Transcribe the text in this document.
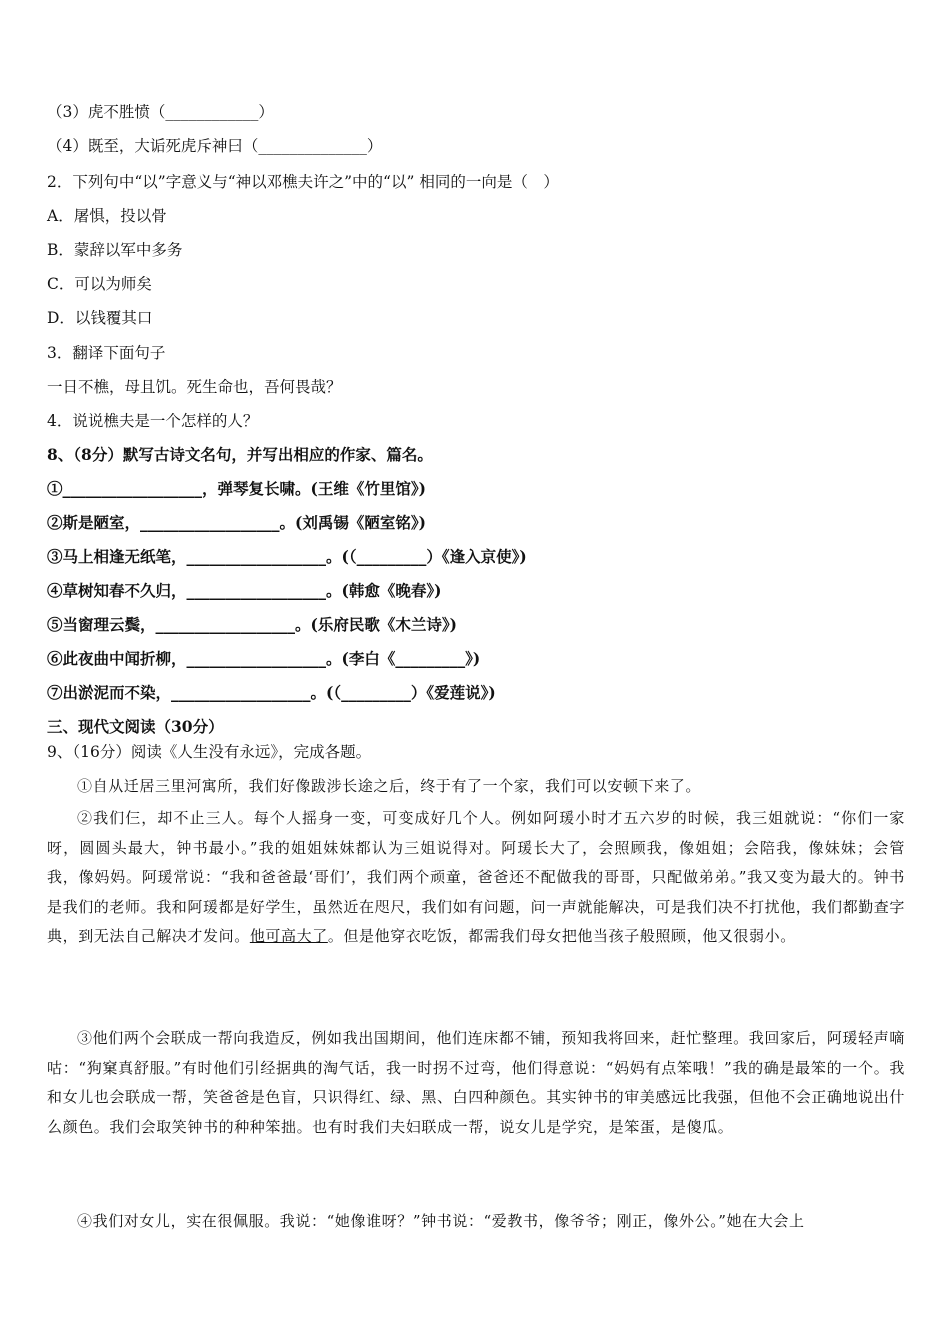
（3）虎不胜愤（____________）
（4）既至，大诟死虎斥神曰（______________）
2．下列句中“以”字意义与“神以邓樵夫许之”中的“以” 相同的一向是（　）
A．屠惧，投以骨
B．蒙辞以军中多务
C．可以为师矣
D．以钱覆其口
3．翻译下面句子
一日不樵，母且饥。死生命也，吾何畏哉？
4．说说樵夫是一个怎样的人？
8、（8分）默写古诗文名句，并写出相应的作家、篇名。
①__________________，弹琴复长啸。(王维《竹里馆》)
②斯是陋室，__________________。(刘禹锡《陋室铭》)
③马上相逢无纸笔，__________________。(（_________）《逢入京使》)
④草树知春不久归，__________________。(韩愈《晚春》)
⑤当窗理云鬓，__________________。(乐府民歌《木兰诗》)
⑥此夜曲中闻折柳，__________________。(李白《_________》)
⑦出淤泥而不染，__________________。(（_________）《爱莲说》)
三、现代文阅读（30分）
9、（16分）阅读《人生没有永远》，完成各题。
①自从迁居三里河寓所，我们好像跋涉长途之后，终于有了一个家，我们可以安顿下来了。
②我们仨，却不止三人。每个人摇身一变，可变成好几个人。例如阿瑗小时才五六岁的时候，我三姐就说：“你们一家呀，圆圆头最大，钟书最小。”我的姐姐妹妹都认为三姐说得对。阿瑗长大了，会照顾我，像姐姐；会陪我，像妹妹；会管我，像妈妈。阿瑗常说：“我和爸爸最‘哥们’，我们两个顽童，爸爸还不配做我的哥哥，只配做弟弟。”我又变为最大的。钟书是我们的老师。我和阿瑗都是好学生，虽然近在咫尺，我们如有问题，问一声就能解决，可是我们决不打扰他，我们都勤查字典，到无法自己解决才发问。他可高大了。但是他穿衣吃饭，都需我们母女把他当孩子般照顾，他又很弱小。
③他们两个会联成一帮向我造反，例如我出国期间，他们连床都不铺，预知我将回来，赶忙整理。我回家后，阿瑗轻声嘀咕：“狗窠真舒服。”有时他们引经据典的淘气话，我一时拐不过弯，他们得意说：“妈妈有点笨哦！”我的确是最笨的一个。我和女儿也会联成一帮，笑爸爸是色盲，只识得红、绿、黑、白四种颜色。其实钟书的审美感远比我强，但他不会正确地说出什么颜色。我们会取笑钟书的种种笨拙。也有时我们夫妇联成一帮，说女儿是学究，是笨蛋，是傻瓜。
④我们对女儿，实在很佩服。我说：“她像谁呀？”钟书说：“爱教书，像爷爷；刚正，像外公。”她在大会上
